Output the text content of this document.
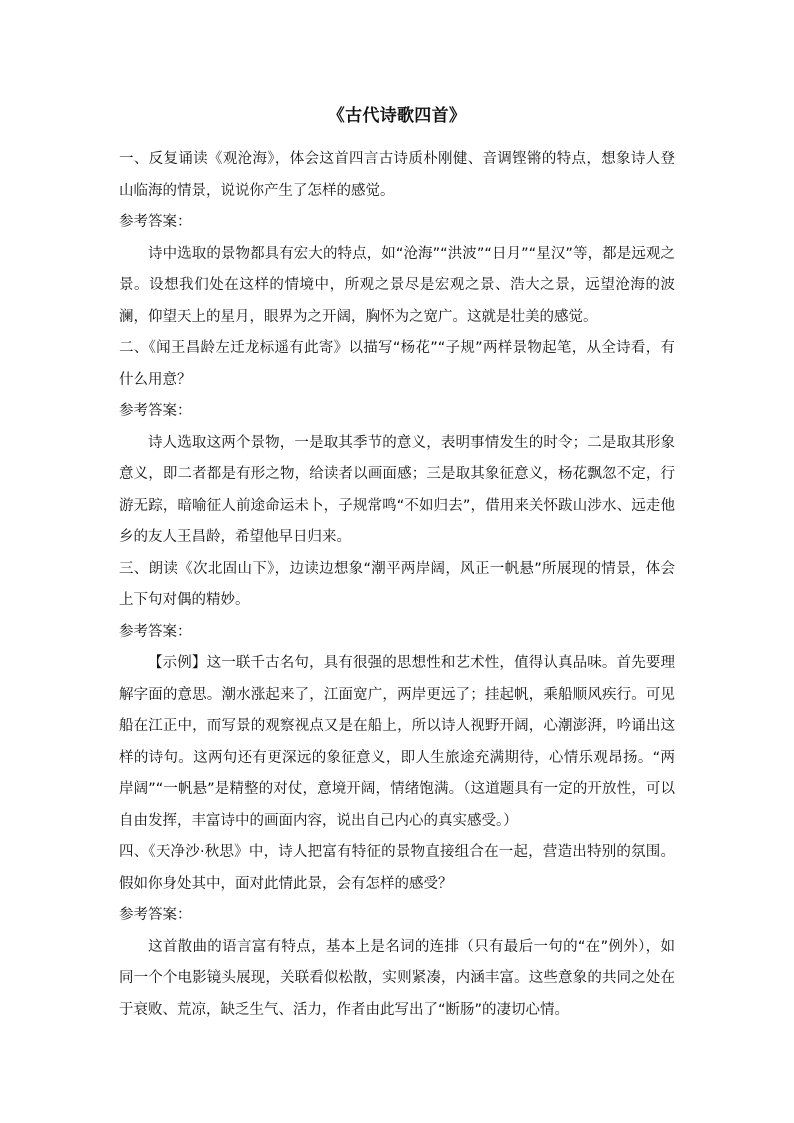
《古代诗歌四首》

一、反复诵读《观沧海》，体会这首四言古诗质朴刚健、音调铿锵的特点，想象诗人登山临海的情景，说说你产生了怎样的感觉。

参考答案：

诗中选取的景物都具有宏大的特点，如“沧海”“洪波”“日月”“星汉”等，都是远观之景。设想我们处在这样的情境中，所观之景尽是宏观之景、浩大之景，远望沧海的波澜，仰望天上的星月，眼界为之开阔，胸怀为之宽广。这就是壮美的感觉。

二、《闻王昌龄左迁龙标遥有此寄》以描写“杨花”“子规”两样景物起笔，从全诗看，有什么用意？

参考答案：

诗人选取这两个景物，一是取其季节的意义，表明事情发生的时令；二是取其形象意义，即二者都是有形之物，给读者以画面感；三是取其象征意义，杨花飘忽不定，行游无踪，暗喻征人前途命运未卜，子规常鸣“不如归去”，借用来关怀跋山涉水、远走他乡的友人王昌龄，希望他早日归来。

三、朗读《次北固山下》，边读边想象“潮平两岸阔，风正一帆悬”所展现的情景，体会上下句对偶的精妙。

参考答案：

【示例】这一联千古名句，具有很强的思想性和艺术性，值得认真品味。首先要理解字面的意思。潮水涨起来了，江面宽广，两岸更远了；挂起帆，乘船顺风疾行。可见船在江正中，而写景的观察视点又是在船上，所以诗人视野开阔，心潮澎湃，吟诵出这样的诗句。这两句还有更深远的象征意义，即人生旅途充满期待，心情乐观昂扬。“两岸阔”“一帆悬”是精整的对仗，意境开阔，情绪饱满。（这道题具有一定的开放性，可以自由发挥，丰富诗中的画面内容，说出自己内心的真实感受。）

四、《天净沙·秋思》中，诗人把富有特征的景物直接组合在一起，营造出特别的氛围。假如你身处其中，面对此情此景，会有怎样的感受？

参考答案：

这首散曲的语言富有特点，基本上是名词的连排（只有最后一句的“在”例外），如同一个个电影镜头展现，关联看似松散，实则紧凑，内涵丰富。这些意象的共同之处在于衰败、荒凉，缺乏生气、活力，作者由此写出了“断肠”的凄切心情。
